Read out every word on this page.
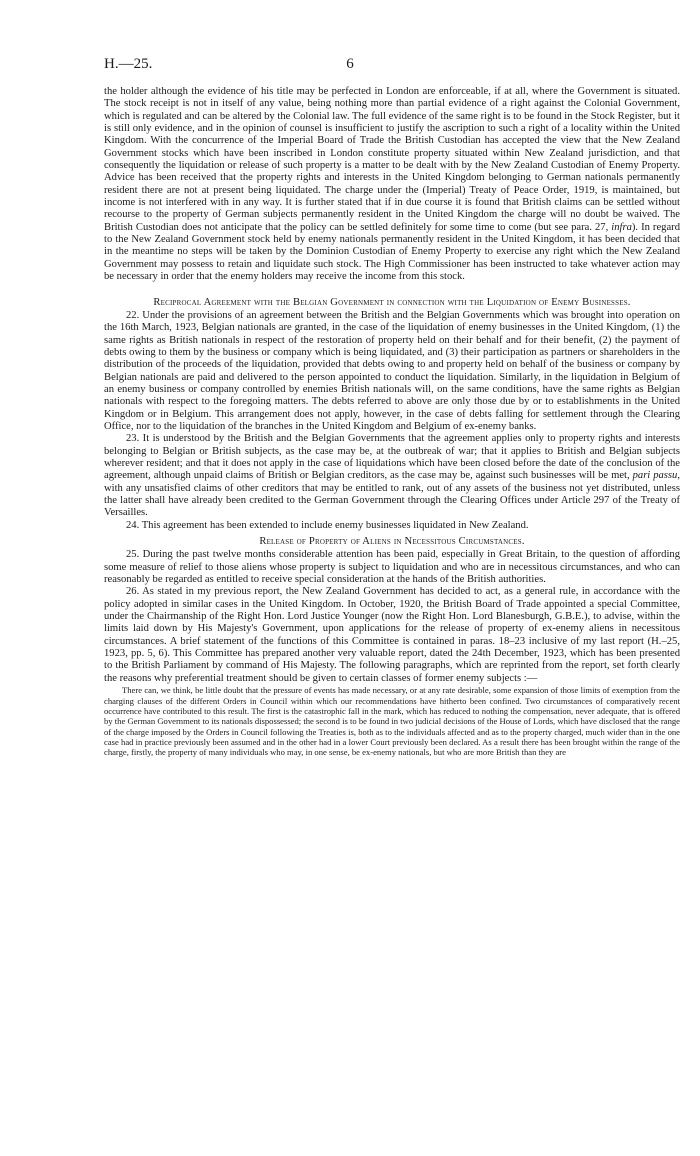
H.—25.	6

the holder although the evidence of his title may be perfected in London are enforceable, if at all, where the Government is situated. The stock receipt is not in itself of any value, being nothing more than partial evidence of a right against the Colonial Government, which is regulated and can be altered by the Colonial law. The full evidence of the same right is to be found in the Stock Register, but it is still only evidence, and in the opinion of counsel is insufficient to justify the ascription to such a right of a locality within the United Kingdom. With the concurrence of the Imperial Board of Trade the British Custodian has accepted the view that the New Zealand Government stocks which have been inscribed in London constitute property situated within New Zealand jurisdiction, and that consequently the liquidation or release of such property is a matter to be dealt with by the New Zealand Custodian of Enemy Property. Advice has been received that the property rights and interests in the United Kingdom belonging to German nationals permanently resident there are not at present being liquidated. The charge under the (Imperial) Treaty of Peace Order, 1919, is maintained, but income is not interfered with in any way. It is further stated that if in due course it is found that British claims can be settled without recourse to the property of German subjects permanently resident in the United Kingdom the charge will no doubt be waived. The British Custodian does not anticipate that the policy can be settled definitely for some time to come (but see para. 27, infra). In regard to the New Zealand Government stock held by enemy nationals permanently resident in the United Kingdom, it has been decided that in the meantime no steps will be taken by the Dominion Custodian of Enemy Property to exercise any right which the New Zealand Government may possess to retain and liquidate such stock. The High Commissioner has been instructed to take whatever action may be necessary in order that the enemy holders may receive the income from this stock.

Reciprocal Agreement with the Belgian Government in connection with the Liquidation of Enemy Businesses.

22. Under the provisions of an agreement between the British and the Belgian Governments which was brought into operation on the 16th March, 1923, Belgian nationals are granted, in the case of the liquidation of enemy businesses in the United Kingdom, (1) the same rights as British nationals in respect of the restoration of property held on their behalf and for their benefit, (2) the payment of debts owing to them by the business or company which is being liquidated, and (3) their participation as partners or shareholders in the distribution of the proceeds of the liquidation, provided that debts owing to and property held on behalf of the business or company by Belgian nationals are paid and delivered to the person appointed to conduct the liquidation. Similarly, in the liquidation in Belgium of an enemy business or company controlled by enemies British nationals will, on the same conditions, have the same rights as Belgian nationals with respect to the foregoing matters. The debts referred to above are only those due by or to establishments in the United Kingdom or in Belgium. This arrangement does not apply, however, in the case of debts falling for settlement through the Clearing Office, nor to the liquidation of the branches in the United Kingdom and Belgium of ex-enemy banks.

23. It is understood by the British and the Belgian Governments that the agreement applies only to property rights and interests belonging to Belgian or British subjects, as the case may be, at the outbreak of war; that it applies to British and Belgian subjects wherever resident; and that it does not apply in the case of liquidations which have been closed before the date of the conclusion of the agreement, although unpaid claims of British or Belgian creditors, as the case may be, against such businesses will be met, pari passu, with any unsatisfied claims of other creditors that may be entitled to rank, out of any assets of the business not yet distributed, unless the latter shall have already been credited to the German Government through the Clearing Offices under Article 297 of the Treaty of Versailles.

24. This agreement has been extended to include enemy businesses liquidated in New Zealand.

Release of Property of Aliens in Necessitous Circumstances.

25. During the past twelve months considerable attention has been paid, especially in Great Britain, to the question of affording some measure of relief to those aliens whose property is subject to liquidation and who are in necessitous circumstances, and who can reasonably be regarded as entitled to receive special consideration at the hands of the British authorities.

26. As stated in my previous report, the New Zealand Government has decided to act, as a general rule, in accordance with the policy adopted in similar cases in the United Kingdom. In October, 1920, the British Board of Trade appointed a special Committee, under the Chairmanship of the Right Hon. Lord Justice Younger (now the Right Hon. Lord Blanesburgh, G.B.E.), to advise, within the limits laid down by His Majesty's Government, upon applications for the release of property of ex-enemy aliens in necessitous circumstances. A brief statement of the functions of this Committee is contained in paras. 18–23 inclusive of my last report (H.–25, 1923, pp. 5, 6). This Committee has prepared another very valuable report, dated the 24th December, 1923, which has been presented to the British Parliament by command of His Majesty. The following paragraphs, which are reprinted from the report, set forth clearly the reasons why preferential treatment should be given to certain classes of former enemy subjects :—

There can, we think, be little doubt that the pressure of events has made necessary, or at any rate desirable, some expansion of those limits of exemption from the charging clauses of the different Orders in Council within which our recommendations have hitherto been confined. Two circumstances of comparatively recent occurrence have contributed to this result. The first is the catastrophic fall in the mark, which has reduced to nothing the compensation, never adequate, that is offered by the German Government to its nationals dispossessed; the second is to be found in two judicial decisions of the House of Lords, which have disclosed that the range of the charge imposed by the Orders in Council following the Treaties is, both as to the individuals affected and as to the property charged, much wider than in the one case had in practice previously been assumed and in the other had in a lower Court previously been declared. As a result there has been brought within the range of the charge, firstly, the property of many individuals who may, in one sense, be ex-enemy nationals, but who are more British than they are
